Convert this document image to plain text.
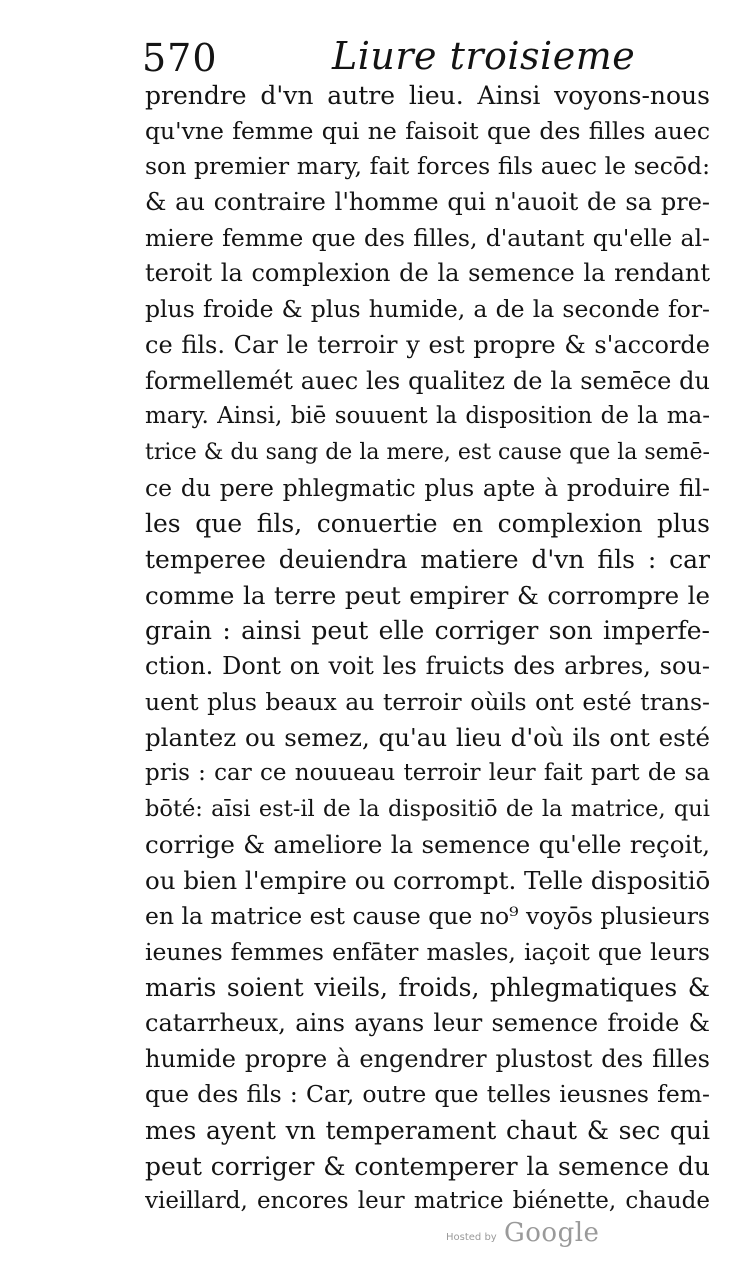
570	Liure troisieme
prendre d'vn autre lieu. Ainsi voyons-nous
qu'vne femme qui ne faisoit que des filles auec
son premier mary, fait forces fils auec le secōd:
& au contraire l'homme qui n'auoit de sa pre-
miere femme que des filles, d'autant qu'elle al-
teroit la complexion de la semence la rendant
plus froide & plus humide, a de la seconde for-
ce fils. Car le terroir y est propre & s'accorde
formellemét auec les qualitez de la semēce du
mary. Ainsi, biē souuent la disposition de la ma-
trice & du sang de la mere, est cause que la semē-
ce du pere phlegmatic plus apte à produire fil-
les que fils, conuertie en complexion plus
temperee deuiendra matiere d'vn fils : car
comme la terre peut empirer & corrompre le
grain : ainsi peut elle corriger son imperfe-
ction. Dont on voit les fruicts des arbres, sou-
uent plus beaux au terroir oùils ont esté trans-
plantez ou semez, qu'au lieu d'où ils ont esté
pris : car ce nouueau terroir leur fait part de sa
bōté: aīsi est-il de la dispositiō de la matrice, qui
corrige & ameliore la semence qu'elle reçoit,
ou bien l'empire ou corrompt. Telle dispositiō
en la matrice est cause que no⁹ voyōs plusieurs
ieunes femmes enfāter masles, iaçoit que leurs
maris soient vieils, froids, phlegmatiques &
catarrheux, ains ayans leur semence froide &
humide propre à engendrer plustost des filles
que des fils : Car, outre que telles ieusnes fem-
mes ayent vn temperament chaut & sec qui
peut corriger & contemperer la semence du
vieillard, encores leur matrice biénette, chaude
Hosted by Google
